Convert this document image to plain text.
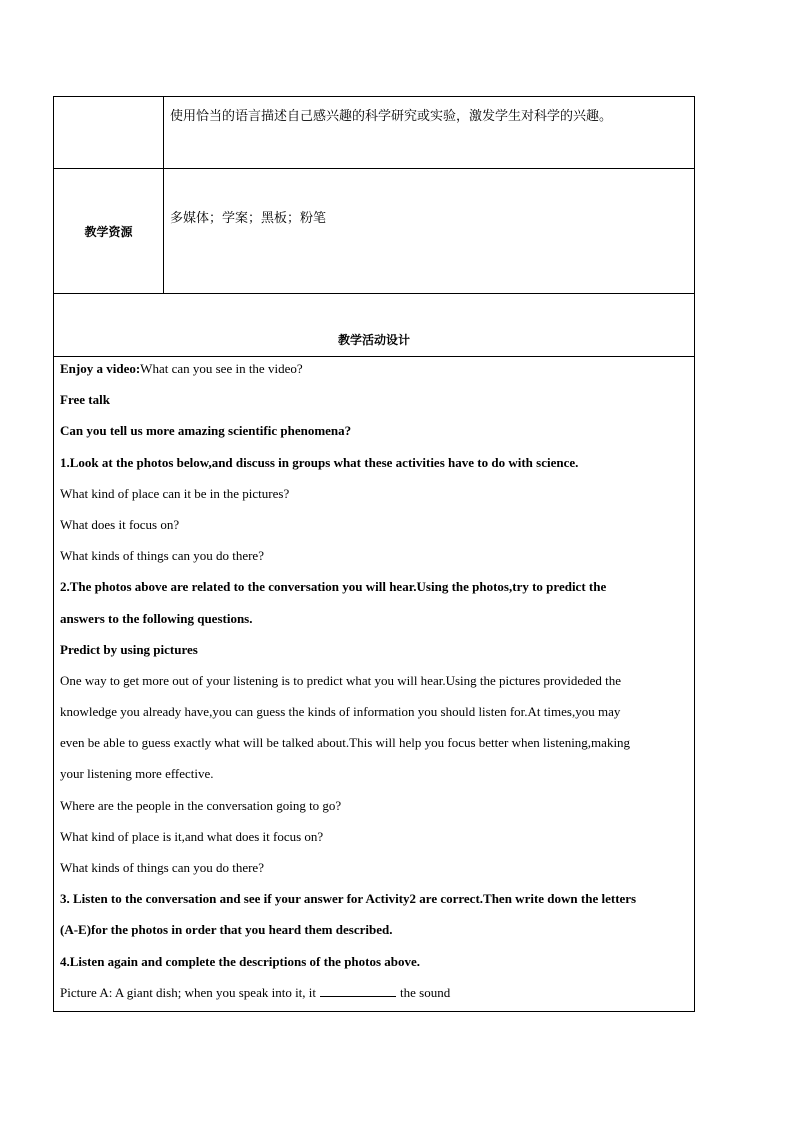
使用恰当的语言描述自己感兴趣的科学研究或实验，激发学生对科学的兴趣。
教学资源
多媒体；学案；黑板；粉笔
教学活动设计
Enjoy a video:What can you see in the video?
Free talk
Can you tell us more amazing scientific phenomena?
1.Look at the photos below,and discuss in groups what these activities have to do with science.
What kind of place can it be in the pictures?
What does it focus on?
What kinds of things can you do there?
2.The photos above are related to the conversation you will hear.Using the photos,try to predict the
answers to the following questions.
Predict by using pictures
One way to get more out of your listening is to predict what you will hear.Using the pictures provideded the
knowledge you already have,you can guess the kinds of information you should listen for.At times,you may
even be able to guess exactly what will be talked about.This will help you focus better when listening,making
your listening more effective.
Where are the people in the conversation going to go?
What kind of place is it,and what does it focus on?
What kinds of things can you do there?
3. Listen to the conversation and see if your answer for Activity2 are correct.Then write down the letters
(A-E)for the photos in order that you heard them described.
4.Listen again and complete the descriptions of the photos above.
Picture A: A giant dish; when you speak into it, it	the sound
